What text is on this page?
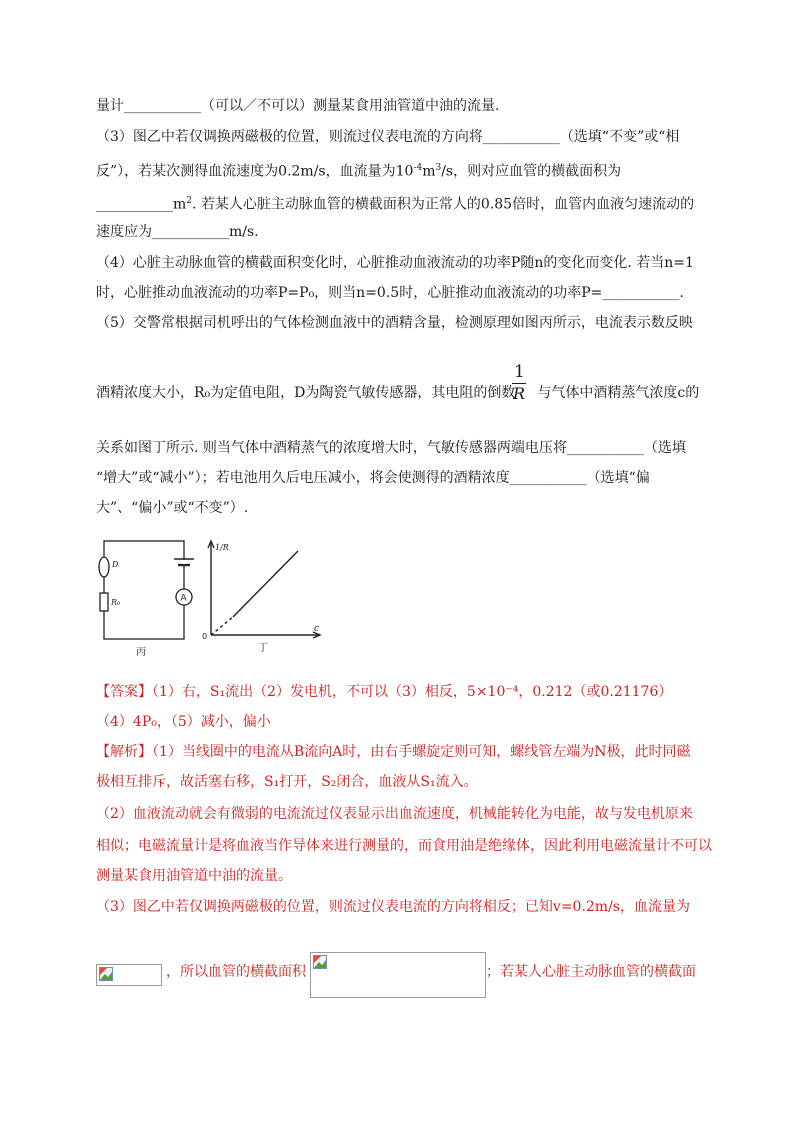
量计___________（可以／不可以）测量某食用油管道中油的流量.
（3）图乙中若仅调换两磁极的位置，则流过仪表电流的方向将___________（选填“不变”或“相
反”），若某次测得血流速度为0.2m/s，血流量为$10^{-4}m^3/s$，则对应血管的横截面积为
$\_\_\_\_\_\_\_\_\_\_\_m^2$. 若某人心脏主动脉血管的横截面积为正常人的0.85倍时，血管内血液匀速流动的
速度应为___________m/s.
（4）心脏主动脉血管的横截面积变化时，心脏推动血液流动的功率P随n的变化而变化. 若当n=1
时，心脏推动血液流动的功率P=P₀，则当n=0.5时，心脏推动血液流动的功率P=___________.
（5）交警常根据司机呼出的气体检测血液中的酒精含量，检测原理如图丙所示，电流表示数反映
酒精浓度大小，R₀为定值电阻，D为陶瓷气敏传感器，其电阻的倒数 与气体中酒精蒸气浓度c的
1
R
关系如图丁所示. 则当气体中酒精蒸气的浓度增大时，气敏传感器两端电压将___________（选填
“增大”或“减小”）；若电池用久后电压减小，将会使测得的酒精浓度___________（选填“偏
大”、“偏小”或“不变”）.
D
R₀	A
丙
1/R
c
0
丁
【答案】（1）右，S₁流出（2）发电机，不可以（3）相反，5×10⁻⁴，0.212（或0.21176）
（4）4P₀，（5）减小，偏小
【解析】（1）当线圈中的电流从B流向A时，由右手螺旋定则可知，螺线管左端为N极，此时同磁
极相互排斥，故活塞右移，S₁打开，S₂闭合，血液从S₁流入。
（2）血液流动就会有微弱的电流流过仪表显示出血流速度，机械能转化为电能，故与发电机原来
相似；电磁流量计是将血液当作导体来进行测量的，而食用油是绝缘体，因此利用电磁流量计不可以
测量某食用油管道中油的流量。
（3）图乙中若仅调换两磁极的位置，则流过仪表电流的方向将相反；已知v=0.2m/s，血流量为
，所以血管的横截面积	；若某人心脏主动脉血管的横截面
